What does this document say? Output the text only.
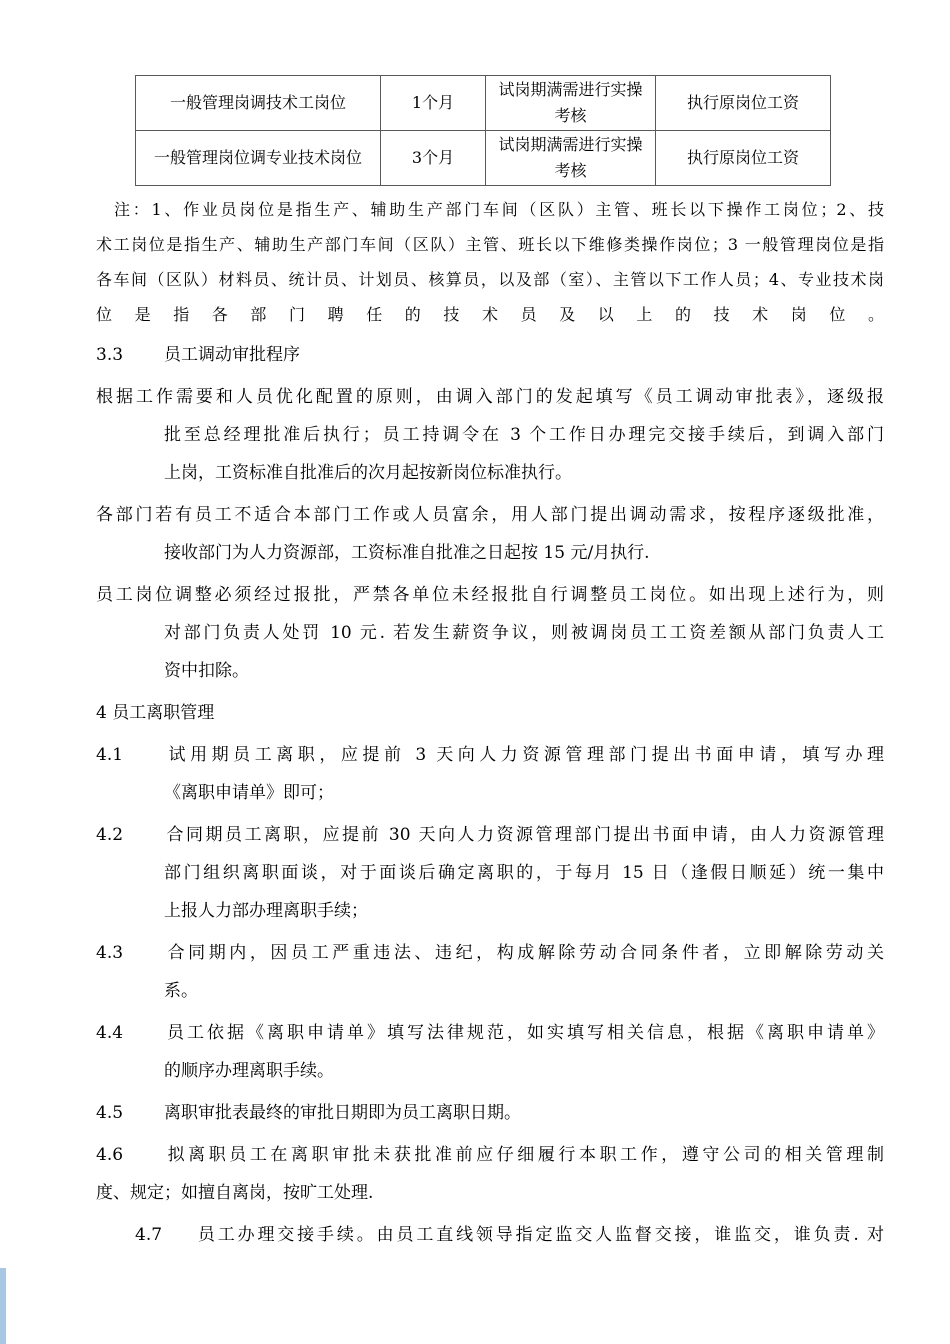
一般管理岗调技术工岗位	1个月	试岗期满需进行实操考核	执行原岗位工资
一般管理岗位调专业技术岗位	3个月	试岗期满需进行实操考核	执行原岗位工资
注：1、作业员岗位是指生产、辅助生产部门车间（区队）主管、班长以下操作工岗位；2、技
术工岗位是指生产、辅助生产部门车间（区队）主管、班长以下维修类操作岗位；3 一般管理岗位是指
各车间（区队）材料员、统计员、计划员、核算员，以及部（室）、主管以下工作人员；4、专业技术岗
位是指各部门聘任的技术员及以上的技术岗位。
3.3 员工调动审批程序
根据工作需要和人员优化配置的原则，由调入部门的发起填写《员工调动审批表》，逐级报
批至总经理批准后执行；员工持调令在 3 个工作日办理完交接手续后，到调入部门
上岗，工资标准自批准后的次月起按新岗位标准执行。
各部门若有员工不适合本部门工作或人员富余，用人部门提出调动需求，按程序逐级批准，
接收部门为人力资源部，工资标准自批准之日起按 15 元/月执行.
员工岗位调整必须经过报批，严禁各单位未经报批自行调整员工岗位。如出现上述行为，则
对部门负责人处罚 10 元. 若发生薪资争议，则被调岗员工工资差额从部门负责人工
资中扣除。
4 员工离职管理
4.1 试用期员工离职，应提前 3 天向人力资源管理部门提出书面申请，填写办理
《离职申请单》即可；
4.2 合同期员工离职，应提前 30 天向人力资源管理部门提出书面申请，由人力资源管理
部门组织离职面谈，对于面谈后确定离职的，于每月 15 日（逢假日顺延）统一集中
上报人力部办理离职手续；
4.3 合同期内，因员工严重违法、违纪，构成解除劳动合同条件者，立即解除劳动关
系。
4.4 员工依据《离职申请单》填写法律规范，如实填写相关信息，根据《离职申请单》
的顺序办理离职手续。
4.5 离职审批表最终的审批日期即为员工离职日期。
4.6 拟离职员工在离职审批未获批准前应仔细履行本职工作，遵守公司的相关管理制
度、规定；如擅自离岗，按旷工处理.
4.7 员工办理交接手续。由员工直线领导指定监交人监督交接，谁监交，谁负责. 对
